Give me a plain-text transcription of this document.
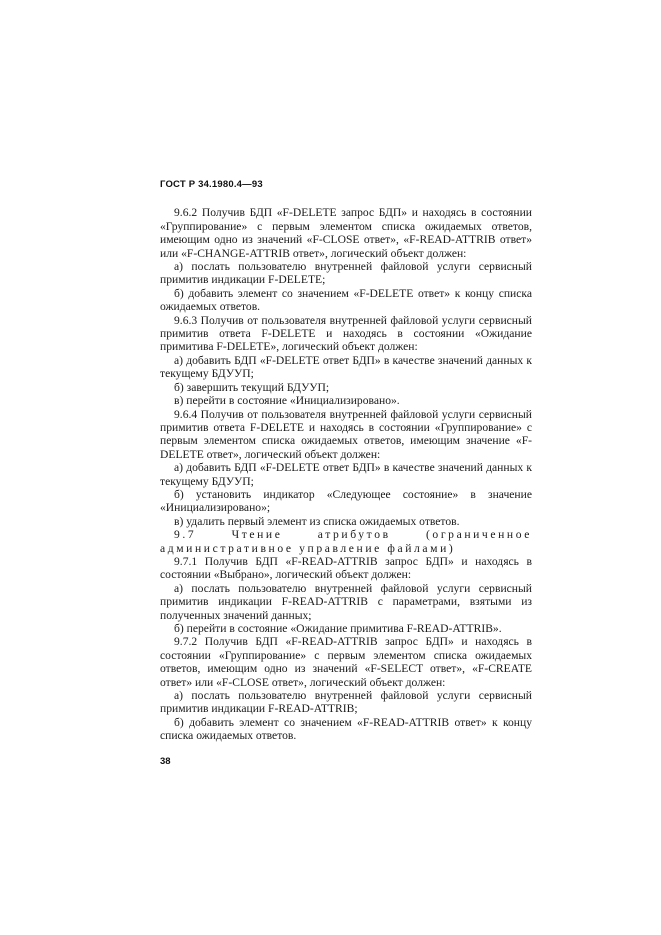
ГОСТ Р 34.1980.4—93

9.6.2 Получив БДП «F-DELETE запрос БДП» и находясь в состоянии «Группирование» с первым элементом списка ожидаемых ответов, имеющим одно из значений «F-CLOSE ответ», «F-READ-ATTRIB ответ» или «F-CHANGE-ATTRIB ответ», логический объект должен:

а) послать пользователю внутренней файловой услуги сервисный примитив индикации F-DELETE;

б) добавить элемент со значением «F-DELETE ответ» к концу списка ожидаемых ответов.

9.6.3 Получив от пользователя внутренней файловой услуги сервисный примитив ответа F-DELETE и находясь в состоянии «Ожидание примитива F-DELETE», логический объект должен:

а) добавить БДП «F-DELETE ответ БДП» в качестве значений данных к текущему БДУУП;

б) завершить текущий БДУУП;

в) перейти в состояние «Инициализировано».

9.6.4 Получив от пользователя внутренней файловой услуги сервисный примитив ответа F-DELETE и находясь в состоянии «Группирование» с первым элементом списка ожидаемых ответов, имеющим значение «F-DELETE ответ», логический объект должен:

а) добавить БДП «F-DELETE ответ БДП» в качестве значений данных к текущему БДУУП;

б) установить индикатор «Следующее состояние» в значение «Инициализировано»;

в) удалить первый элемент из списка ожидаемых ответов.

9.7 Чтение атрибутов (ограниченное административное управление файлами)

9.7.1 Получив БДП «F-READ-ATTRIB запрос БДП» и находясь в состоянии «Выбрано», логический объект должен:

а) послать пользователю внутренней файловой услуги сервисный примитив индикации F-READ-ATTRIB с параметрами, взятыми из полученных значений данных;

б) перейти в состояние «Ожидание примитива F-READ-ATTRIB».

9.7.2 Получив БДП «F-READ-ATTRIB запрос БДП» и находясь в состоянии «Группирование» с первым элементом списка ожидаемых ответов, имеющим одно из значений «F-SELECT ответ», «F-CREATE ответ» или «F-CLOSE ответ», логический объект должен:

а) послать пользователю внутренней файловой услуги сервисный примитив индикации F-READ-ATTRIB;

б) добавить элемент со значением «F-READ-ATTRIB ответ» к концу списка ожидаемых ответов.

38
